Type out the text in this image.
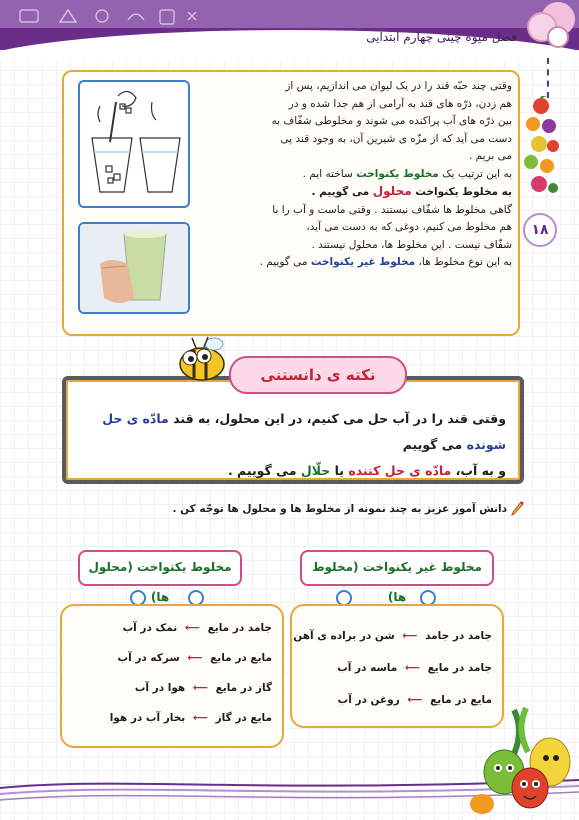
فصل میوه چینی چهارم ابتدایی
۱۸
وقتی چند حبّه قند را در یک لیوان می اندازیم، پس از
هم زدن، ذرّه های قند به آرامی از هم جدا شده و در
بین ذرّه های آب پراکنده می شوند و مخلوطی شفّاف به
دست می آید که از مزّه ی شیرین آن، به وجود قند پی
می بریم .
به این ترتیب یک مخلوط یکنواخت ساخته ایم .
به مخلوط یکنواخت محلول می گوییم .
گاهی مخلوط ها شفّاف نیستند . وقتی ماست و آب را با
هم مخلوط می کنیم، دوغی که به دست می آید،
شفّاف نیست . این مخلوط ها، محلول نیستند .
به این نوع مخلوط ها، مخلوط غیر یکنواخت می گوییم .
وقتی قند را در آب حل می کنیم، در این محلول، به قند مادّه ی حل شونده می گوییم
و به آب، مادّه ی حل کننده یا حلّال می گوییم .
نکته ی دانستنی
دانش آموز عزیز به چند نمونه از مخلوط ها و محلول ها توجّه کن .
مخلوط یکنواخت (محلول ها)
جامد در مایع ⟵ نمک در آب
مایع در مایع ⟵ سرکه در آب
گاز در مایع ⟵ هوا در آب
مایع در گاز ⟵ بخار آب در هوا
مخلوط غیر یکنواخت (مخلوط ها)
جامد در جامد ⟵ شن در براده ی آهن
جامد در مایع ⟵ ماسه در آب
مایع در مایع ⟵ روغن در آب
